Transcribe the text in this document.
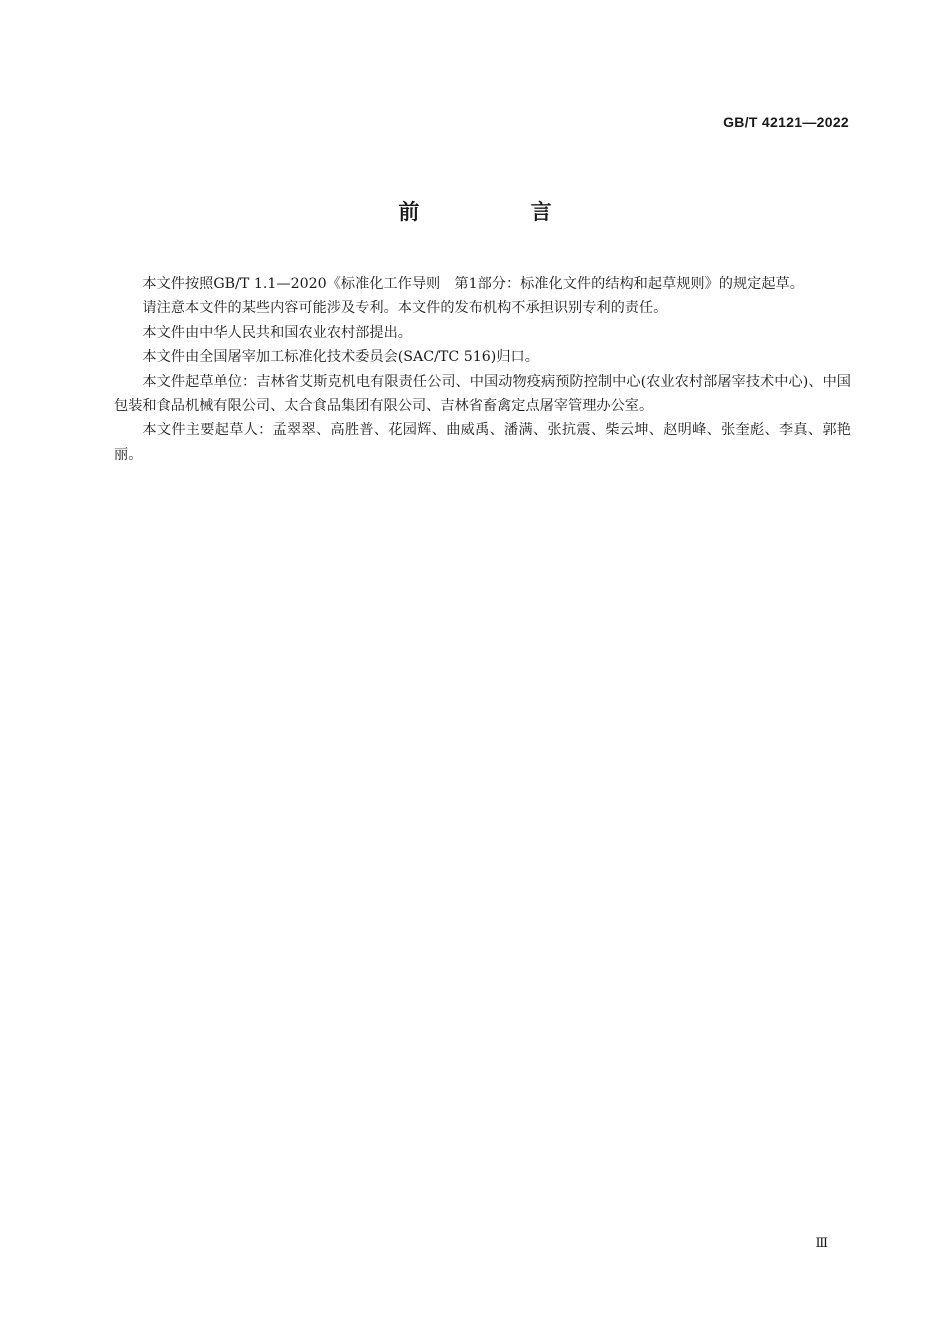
GB/T 42121—2022
前 言

本文件按照GB/T 1.1—2020《标准化工作导则　第1部分：标准化文件的结构和起草规则》的规定起草。

请注意本文件的某些内容可能涉及专利。本文件的发布机构不承担识别专利的责任。

本文件由中华人民共和国农业农村部提出。

本文件由全国屠宰加工标准化技术委员会(SAC/TC 516)归口。

本文件起草单位：吉林省艾斯克机电有限责任公司、中国动物疫病预防控制中心(农业农村部屠宰技术中心)、中国包装和食品机械有限公司、太合食品集团有限公司、吉林省畜禽定点屠宰管理办公室。

本文件主要起草人：孟翠翠、高胜普、花园辉、曲威禹、潘满、张抗震、柴云坤、赵明峰、张奎彪、李真、郭艳丽。

Ⅲ
